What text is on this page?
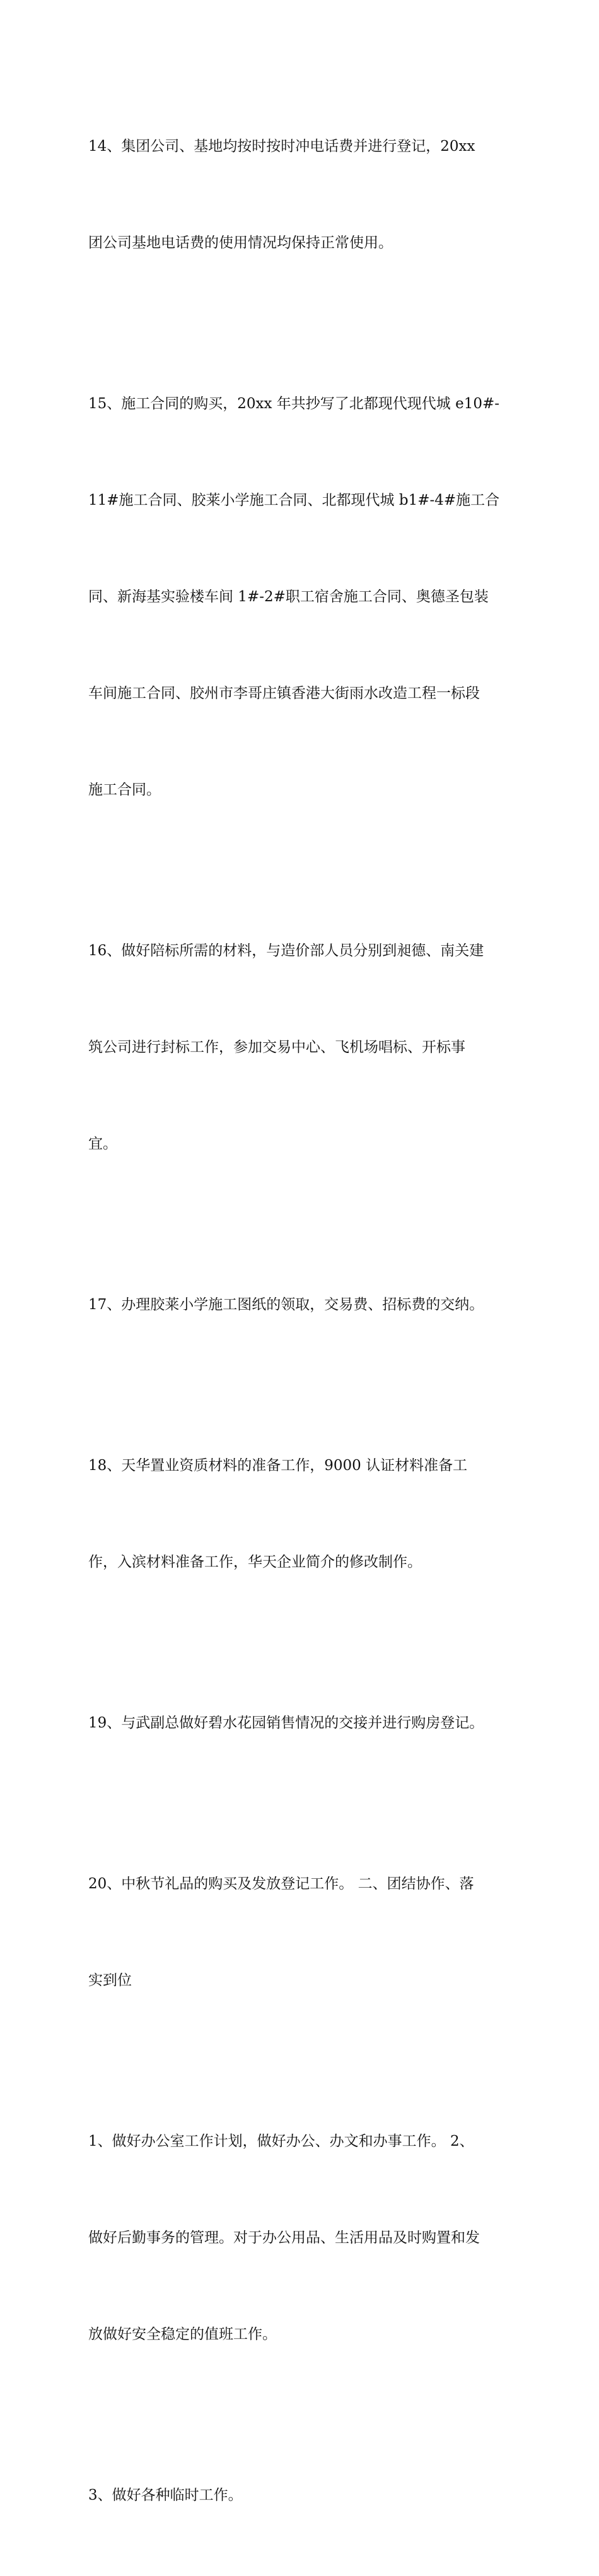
14、集团公司、基地均按时按时冲电话费并进行登记，20xx

团公司基地电话费的使用情况均保持正常使用。

15、施工合同的购买，20xx 年共抄写了北都现代现代城 e10#-

11#施工合同、胶莱小学施工合同、北都现代城 b1#-4#施工合

同、新海基实验楼车间 1#-2#职工宿舍施工合同、奥德圣包装

车间施工合同、胶州市李哥庄镇香港大街雨水改造工程一标段

施工合同。

16、做好陪标所需的材料，与造价部人员分别到昶德、南关建

筑公司进行封标工作，参加交易中心、飞机场唱标、开标事

宜。

17、办理胶莱小学施工图纸的领取，交易费、招标费的交纳。

18、天华置业资质材料的准备工作，9000 认证材料准备工

作，入滨材料准备工作，华天企业简介的修改制作。

19、与武副总做好碧水花园销售情况的交接并进行购房登记。

20、中秋节礼品的购买及发放登记工作。 二、团结协作、落

实到位

1、做好办公室工作计划，做好办公、办文和办事工作。 2、

做好后勤事务的管理。对于办公用品、生活用品及时购置和发

放做好安全稳定的值班工作。

3、做好各种临时工作。
